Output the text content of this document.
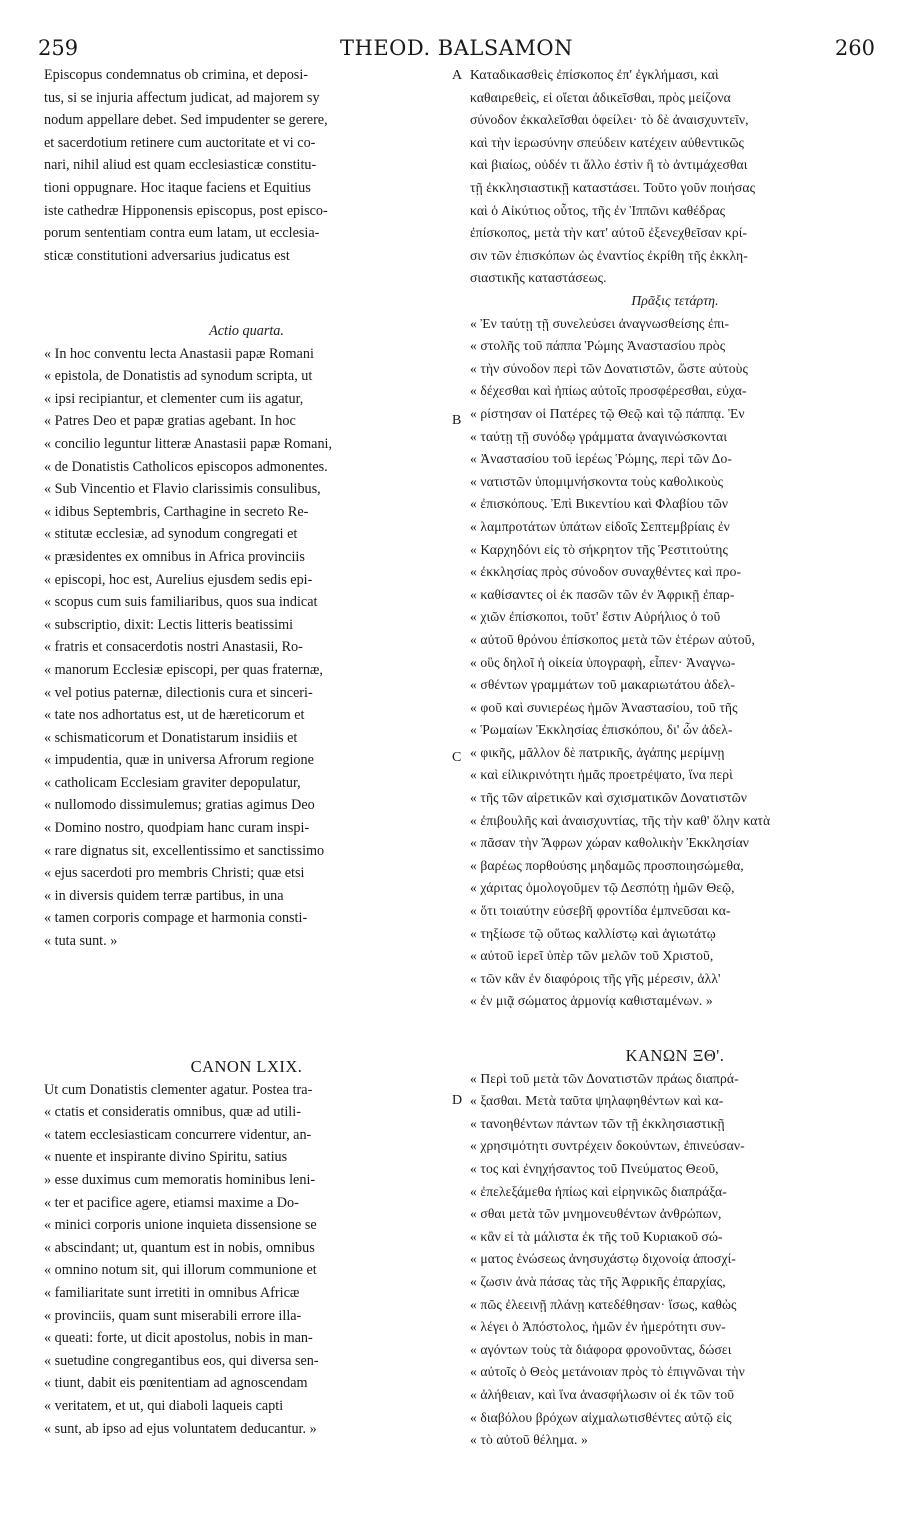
259	THEOD. BALSAMON	260
A
B
C
D
Episcopus condemnatus ob crimina, et deposi-
tus, si se injuria affectum judicat, ad majorem sy
nodum appellare debet. Sed impudenter se gerere,
et sacerdotium retinere cum auctoritate et vi co-
nari, nihil aliud est quam ecclesiasticæ constitu-
tioni oppugnare. Hoc itaque faciens et Equitius
iste cathedræ Hipponensis episcopus, post episco-
porum sententiam contra eum latam, ut ecclesia-
sticæ constitutioni adversarius judicatus est
Actio quarta.
« In hoc conventu lecta Anastasii papæ Romani
« epistola, de Donatistis ad synodum scripta, ut
« ipsi recipiantur, et clementer cum iis agatur,
« Patres Deo et papæ gratias agebant. In hoc
« concilio leguntur litteræ Anastasii papæ Romani,
« de Donatistis Catholicos episcopos admonentes.
« Sub Vincentio et Flavio clarissimis consulibus,
« idibus Septembris, Carthagine in secreto Re-
« stitutæ ecclesiæ, ad synodum congregati et
« præsidentes ex omnibus in Africa provinciis
« episcopi, hoc est, Aurelius ejusdem sedis epi-
« scopus cum suis familiaribus, quos sua indicat
« subscriptio, dixit: Lectis litteris beatissimi
« fratris et consacerdotis nostri Anastasii, Ro-
« manorum Ecclesiæ episcopi, per quas fraternæ,
« vel potius paternæ, dilectionis cura et sinceri-
« tate nos adhortatus est, ut de hæreticorum et
« schismaticorum et Donatistarum insidiis et
« impudentia, quæ in universa Afrorum regione
« catholicam Ecclesiam graviter depopulatur,
« nullomodo dissimulemus; gratias agimus Deo
« Domino nostro, quodpiam hanc curam inspi-
« rare dignatus sit, excellentissimo et sanctissimo
« ejus sacerdoti pro membris Christi; quæ etsi
« in diversis quidem terræ partibus, in una
« tamen corporis compage et harmonia consti-
« tuta sunt. »
CANON LXIX.
Ut cum Donatistis clementer agatur. Postea tra-
« ctatis et consideratis omnibus, quæ ad utili-
« tatem ecclesiasticam concurrere videntur, an-
« nuente et inspirante divino Spiritu, satius
» esse duximus cum memoratis hominibus leni-
« ter et pacifice agere, etiamsi maxime a Do-
« minici corporis unione inquieta dissensione se
« abscindant; ut, quantum est in nobis, omnibus
« omnino notum sit, qui illorum communione et
« familiaritate sunt irretiti in omnibus Africæ
« provinciis, quam sunt miserabili errore illa-
« queati: forte, ut dicit apostolus, nobis in man-
« suetudine congregantibus eos, qui diversa sen-
« tiunt, dabit eis pœnitentiam ad agnoscendam
« veritatem, et ut, qui diaboli laqueis capti
« sunt, ab ipso ad ejus voluntatem deducantur. »
Καταδικασθεὶς ἐπίσκοπος ἐπ' ἐγκλήμασι, καὶ
καθαιρεθεὶς, εἰ οἴεται ἀδικεῖσθαι, πρὸς μείζονα
σύνοδον ἐκκαλεῖσθαι ὀφείλει· τὸ δὲ ἀναισχυντεῖν,
καὶ τὴν ἱερωσύνην σπεύδειν κατέχειν αὐθεντικῶς
καὶ βιαίως, οὐδέν τι ἄλλο ἐστὶν ἢ τὸ ἀντιμάχεσθαι
τῇ ἐκκλησιαστικῇ καταστάσει. Τοῦτο γοῦν ποιήσας
καὶ ὁ Αἰκύτιος οὗτος, τῆς ἐν Ἱππῶνι καθέδρας
ἐπίσκοπος, μετὰ τὴν κατ' αὐτοῦ ἐξενεχθεῖσαν κρί-
σιν τῶν ἐπισκόπων ὡς ἐναντίος ἐκρίθη τῆς ἐκκλη-
σιαστικῆς καταστάσεως.
Πρᾶξις τετάρτη.
« Ἐν ταύτῃ τῇ συνελεύσει ἀναγνωσθείσης ἐπι-
« στολῆς τοῦ πάππα Ῥώμης Ἀναστασίου πρὸς
« τὴν σύνοδον περὶ τῶν Δονατιστῶν, ὥστε αὐτοὺς
« δέχεσθαι καὶ ἠπίως αὐτοῖς προσφέρεσθαι, εὐχα-
« ρίστησαν οἱ Πατέρες τῷ Θεῷ καὶ τῷ πάππᾳ. Ἐν
« ταύτῃ τῇ συνόδῳ γράμματα ἀναγινώσκονται
« Ἀναστασίου τοῦ ἱερέως Ῥώμης, περὶ τῶν Δο-
« νατιστῶν ὑπομιμνήσκοντα τοὺς καθολικοὺς
« ἐπισκόπους. Ἐπὶ Βικεντίου καὶ Φλαβίου τῶν
« λαμπροτάτων ὑπάτων εἰδοῖς Σεπτεμβρίαις ἐν
« Καρχηδόνι εἰς τὸ σήκρητον τῆς Ῥεστιτούτης
« ἐκκλησίας πρὸς σύνοδον συναχθέντες καὶ προ-
« καθίσαντες οἱ ἐκ πασῶν τῶν ἐν Ἀφρικῇ ἐπαρ-
« χιῶν ἐπίσκοποι, τοῦτ' ἔστιν Αὐρήλιος ὁ τοῦ
« αὐτοῦ θρόνου ἐπίσκοπος μετὰ τῶν ἑτέρων αὐτοῦ,
« οὓς δηλοῖ ἡ οἰκεία ὑπογραφὴ, εἶπεν· Ἀναγνω-
« σθέντων γραμμάτων τοῦ μακαριωτάτου ἀδελ-
« φοῦ καὶ συνιερέως ἡμῶν Ἀναστασίου, τοῦ τῆς
« Ῥωμαίων Ἐκκλησίας ἐπισκόπου, δι' ὧν ἀδελ-
« φικῆς, μᾶλλον δὲ πατρικῆς, ἀγάπης μερίμνῃ
« καὶ εἰλικρινότητι ἡμᾶς προετρέψατο, ἵνα περὶ
« τῆς τῶν αἱρετικῶν καὶ σχισματικῶν Δονατιστῶν
« ἐπιβουλῆς καὶ ἀναισχυντίας, τῆς τὴν καθ' ὅλην κατὰ
« πᾶσαν τὴν Ἄφρων χώραν καθολικὴν Ἐκκλησίαν
« βαρέως πορθούσης μηδαμῶς προσποιησώμεθα,
« χάριτας ὁμολογοῦμεν τῷ Δεσπότῃ ἡμῶν Θεῷ,
« ὅτι τοιαύτην εὐσεβῆ φροντίδα ἐμπνεῦσαι κα-
« τηξίωσε τῷ οὕτως καλλίστῳ καὶ ἁγιωτάτῳ
« αὐτοῦ ἱερεῖ ὑπὲρ τῶν μελῶν τοῦ Χριστοῦ,
« τῶν κἂν ἐν διαφόροις τῆς γῆς μέρεσιν, ἀλλ'
« ἐν μιᾷ σώματος ἁρμονίᾳ καθισταμένων. »
ΚΑΝΩΝ ΞΘ'.
« Περὶ τοῦ μετὰ τῶν Δονατιστῶν πράως διαπρά-
« ξασθαι. Μετὰ ταῦτα ψηλαφηθέντων καὶ κα-
« τανοηθέντων πάντων τῶν τῇ ἐκκλησιαστικῇ
« χρησιμότητι συντρέχειν δοκούντων, ἐπινεύσαν-
« τος καὶ ἐνηχήσαντος τοῦ Πνεύματος Θεοῦ,
« ἐπελεξάμεθα ἠπίως καὶ εἰρηνικῶς διαπράξα-
« σθαι μετὰ τῶν μνημονευθέντων ἀνθρώπων,
« κἂν εἰ τὰ μάλιστα ἐκ τῆς τοῦ Κυριακοῦ σώ-
« ματος ἑνώσεως ἀνησυχάστῳ διχονοίᾳ ἀποσχί-
« ζωσιν ἀνὰ πάσας τὰς τῆς Ἀφρικῆς ἐπαρχίας,
« πῶς ἐλεεινῇ πλάνῃ κατεδέθησαν· ἴσως, καθὼς
« λέγει ὁ Ἀπόστολος, ἡμῶν ἐν ἡμερότητι συν-
« αγόντων τοὺς τὰ διάφορα φρονοῦντας, δώσει
« αὐτοῖς ὁ Θεὸς μετάνοιαν πρὸς τὸ ἐπιγνῶναι τὴν
« ἀλήθειαν, καὶ ἵνα ἀνασφήλωσιν οἱ ἐκ τῶν τοῦ
« διαβόλου βρόχων αἰχμαλωτισθέντες αὐτῷ εἰς
« τὸ αὐτοῦ θέλημα. »
